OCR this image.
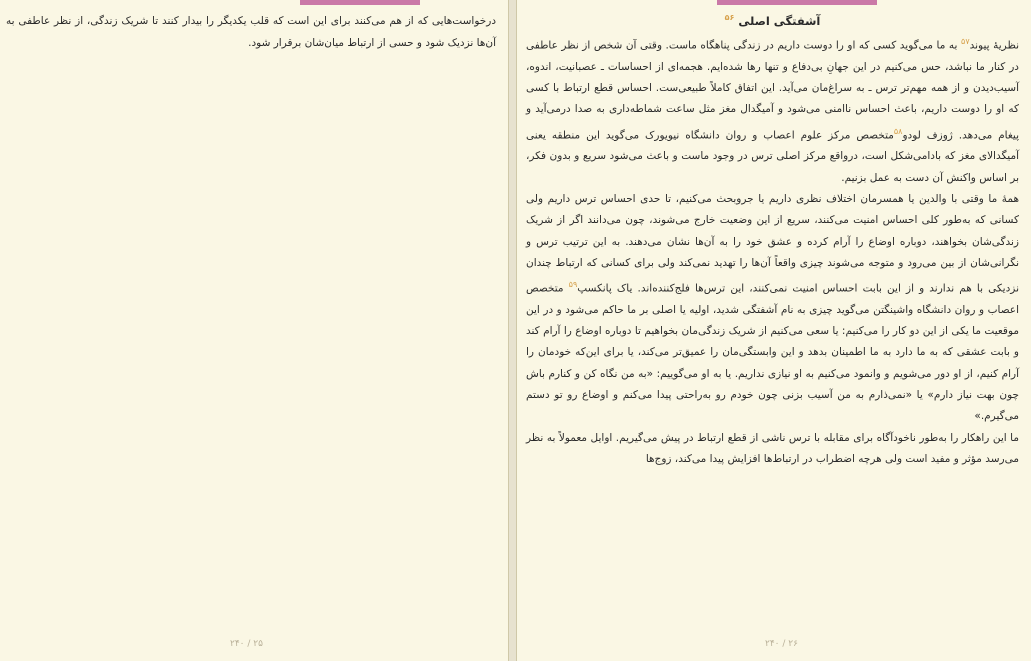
درخواست‌هایی که از هم می‌کنند برای این است که قلب یکدیگر را بیدار کنند تا شریک زندگی، از نظر عاطفی به آن‌ها نزدیک شود و حسی از ارتباط میان‌شان برقرار شود.

۲۴۰ / ۲۵
آشفتگی اصلی $^{۵۶}$

نظریهٔ پیوند$^{۵۷}$ به ما می‌گوید کسی که او را دوست داریم در زندگی پناهگاه ماست. وقتی آن شخص از نظر عاطفی در کنار ما نباشد، حس می‌کنیم در این جهانِ بی‌دفاع و تنها رها شده‌ایم. هجمه‌ای از احساسات ـ عصبانیت، اندوه، آسیب‌دیدن و از همه مهم‌تر ترس ـ به سراغ‌مان می‌آید. این اتفاق کاملاً طبیعی‌ست. احساس قطع ارتباط با کسی که او را دوست داریم، باعث احساس ناامنی می‌شود و آمیگدال مغز مثل ساعت شماطه‌داری به صدا درمی‌آید و پیغام می‌دهد. ژوزف لودو$^{۵۸}$متخصص مرکز علوم اعصاب و روان دانشگاه نیویورک می‌گوید این منطقه یعنی آمیگدالای مغز که بادامی‌شکل است، درواقع مرکز اصلی ترس در وجود ماست و باعث می‌شود سریع و بدون فکر، بر اساس واکنش آن دست به عمل بزنیم.

همهٔ ما وقتی با والدین یا همسرمان اختلاف نظری داریم یا جروبحث می‌کنیم، تا حدی احساس ترس داریم ولی کسانی که به‌طور کلی احساس امنیت می‌کنند، سریع از این وضعیت خارج می‌شوند، چون می‌دانند اگر از شریک زندگی‌شان بخواهند، دوباره اوضاع را آرام کرده و عشق خود را به آن‌ها نشان می‌دهند. به این ترتیب ترس و نگرانی‌شان از بین می‌رود و متوجه می‌شوند چیزی واقعاً آن‌ها را تهدید نمی‌کند ولی برای کسانی که ارتباط چندان نزدیکی با هم ندارند و از این بابت احساس امنیت نمی‌کنند، این ترس‌ها فلج‌کننده‌اند. یاک پانکسپ$^{۵۹}$ متخصص اعصاب و روان دانشگاه واشینگتن می‌گوید چیزی به نام آشفتگی شدید، اولیه یا اصلی بر ما حاکم می‌شود و در این موقعیت ما یکی از این دو کار را می‌کنیم: یا سعی می‌کنیم از شریک زندگی‌مان بخواهیم تا دوباره اوضاع را آرام کند و بابت عشقی که به ما دارد به ما اطمینان بدهد و این وابستگی‌مان را عمیق‌تر می‌کند، یا برای این‌که خودمان را آرام کنیم، از او دور می‌شویم و وانمود می‌کنیم به او نیازی نداریم. یا به او می‌گوییم: «به من نگاه کن و کنارم باش چون بهت نیاز دارم» یا «نمی‌ذارم به من آسیب بزنی چون خودم رو به‌راحتی پیدا می‌کنم و اوضاع رو تو دستم می‌گیرم.»

ما این راهکار را به‌طور ناخودآگاه برای مقابله با ترس ناشی از قطع ارتباط در پیش می‌گیریم. اوایل معمولاً به نظر می‌رسد مؤثر و مفید است ولی هرچه اضطراب در ارتباط‌ها افزایش پیدا می‌کند، زوج‌ها

۲۴۰ / ۲۶
